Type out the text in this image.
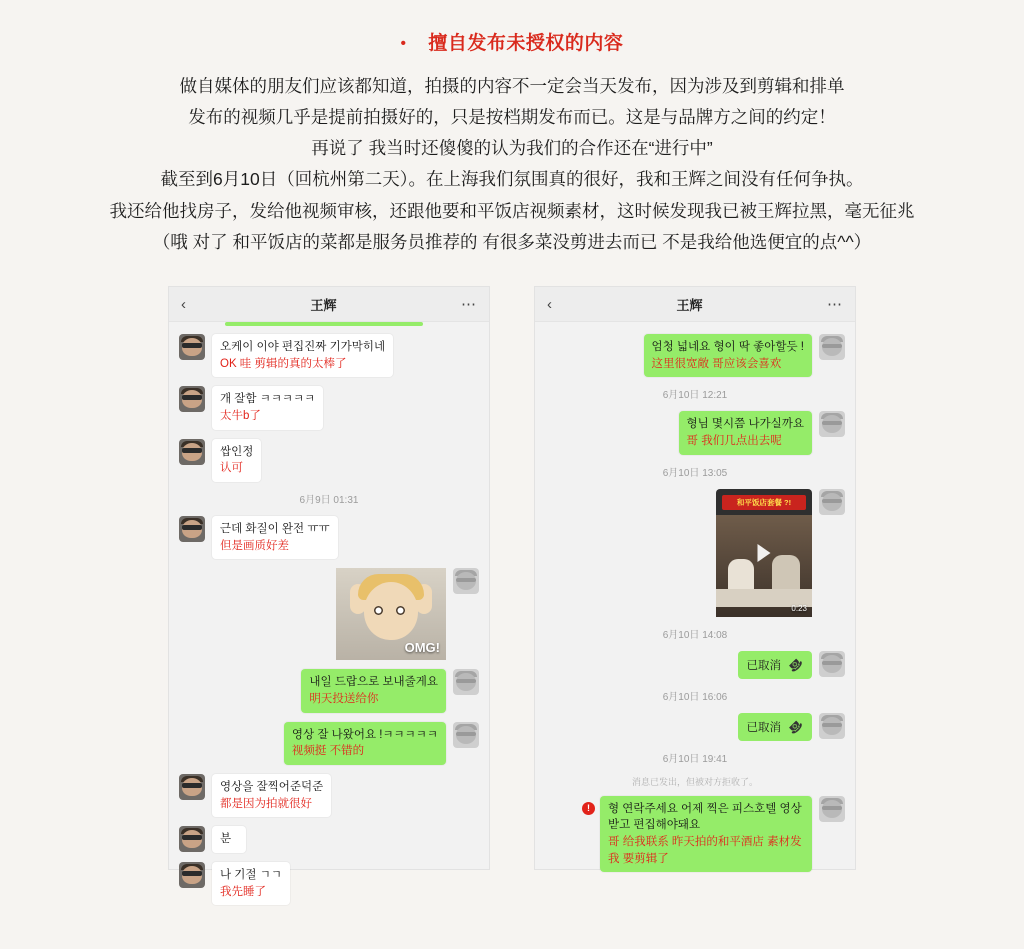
• 擅自发布未授权的内容

做自媒体的朋友们应该都知道，拍摄的内容不一定会当天发布，因为涉及到剪辑和排单

发布的视频几乎是提前拍摄好的，只是按档期发布而已。这是与品牌方之间的约定！

再说了 我当时还傻傻的认为我们的合作还在“进行中”

截至到6月10日（回杭州第二天）。在上海我们氛围真的很好，我和王辉之间没有任何争执。

我还给他找房子，发给他视频审核，还跟他要和平饭店视频素材，这时候发现我已被王辉拉黑，毫无征兆

（哦 对了 和平饭店的菜都是服务员推荐的 有很多菜没剪进去而已 不是我给他选便宜的点^^）

‹	王辉	⋯
오케이 이야 편집진짜 기가막히네
OK 哇 剪辑的真的太棒了
개 잘함 ㅋㅋㅋㅋㅋ
太牛b了
쌉인정
认可
6月9日 01:31
근데 화질이 완전 ㅠㅠ
但是画质好差
OMG!
내일 드랍으로 보내줄게요
明天投送给你
영상 잘 나왔어요 !ㅋㅋㅋㅋㅋ
视频挺 不错的
영상을 잘찍어준덕준
都是因为拍就很好
분
나 기절 ㄱㄱ
我先睡了
‹	王辉	⋯
엄청 넓네요 형이 딱 좋아할듯 !
这里很宽敞 哥应该会喜欢
6月10日 12:21
형님 몇시쯤 나가실까요
哥 我们几点出去呢
6月10日 13:05
和平饭店套餐 ?!
0:23
6月10日 14:08
已取消 ☎
6月10日 16:06
已取消 ☎
6月10日 19:41
消息已发出，但被对方拒收了。
!	형 연락주세요 어제 찍은 피스호텔 영상 받고 편집해야돼요
哥 给我联系 昨天拍的和平酒店 素材发我 要剪辑了
